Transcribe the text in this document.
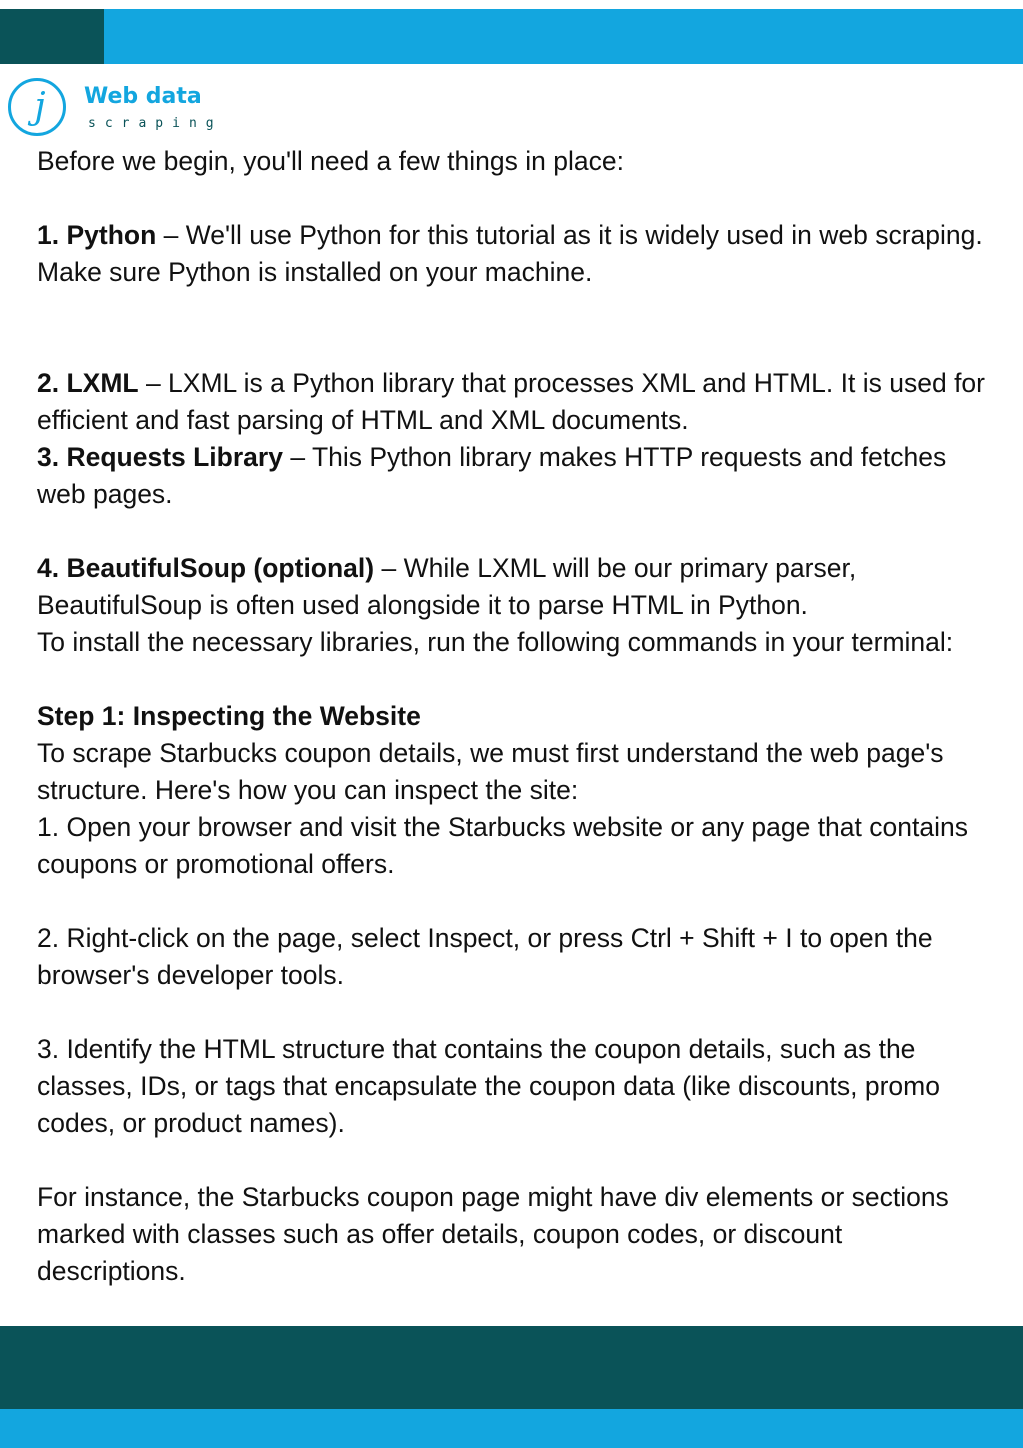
j	Web data
scraping

Before we begin, you'll need a few things in place:

1. Python – We'll use Python for this tutorial as it is widely used in web scraping. Make sure Python is installed on your machine.

2. LXML – LXML is a Python library that processes XML and HTML. It is used for efficient and fast parsing of HTML and XML documents.

3. Requests Library – This Python library makes HTTP requests and fetches web pages.

4. BeautifulSoup (optional) – While LXML will be our primary parser, BeautifulSoup is often used alongside it to parse HTML in Python.

To install the necessary libraries, run the following commands in your terminal:

Step 1: Inspecting the Website

To scrape Starbucks coupon details, we must first understand the web page's structure. Here's how you can inspect the site:

1. Open your browser and visit the Starbucks website or any page that contains coupons or promotional offers.

2. Right-click on the page, select Inspect, or press Ctrl + Shift + I to open the browser's developer tools.

3. Identify the HTML structure that contains the coupon details, such as the classes, IDs, or tags that encapsulate the coupon data (like discounts, promo codes, or product names).

For instance, the Starbucks coupon page might have div elements or sections marked with classes such as offer details, coupon codes, or discount descriptions.
